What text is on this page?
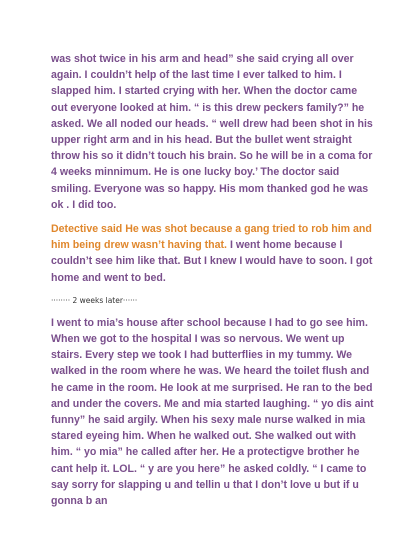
was shot twice in his arm and head” she said crying all over again. I couldn’t help of the last time I ever talked to him. I slapped him. I started crying with her. When the doctor came out everyone looked at him. “ is this drew peckers family?” he asked. We all noded our heads. “ well drew had been shot in his upper right arm and in his head. But the bullet went straight throw his so it didn’t touch his brain. So he will be in a coma for 4 weeks minnimum. He is one lucky boy.’ The doctor said smiling. Everyone was so happy. His mom thanked god he was ok . I did too.

Detective said He was shot because a gang tried to rob him and him being drew wasn’t having that. I went home because I couldn’t see him like that. But I knew I would have to soon. I got home and went to bed.

········ 2 weeks later······

I went to mia’s house after school because I had to go see him. When we got to the hospital I was so nervous. We went up stairs. Every step we took I had butterflies in my tummy. We walked in the room where he was. We heard the toilet flush and he came in the room. He look at me surprised. He ran to the bed and under the covers. Me and mia started laughing. “ yo dis aint funny” he said argily. When his sexy male nurse walked in mia stared eyeing him. When he walked out. She walked out with him. “ yo mia” he called after her. He a protectigve brother he cant help it. LOL. “ y are you here” he asked coldly. “ I came to say sorry for slapping u and tellin u that I don’t love u but if u gonna b an
